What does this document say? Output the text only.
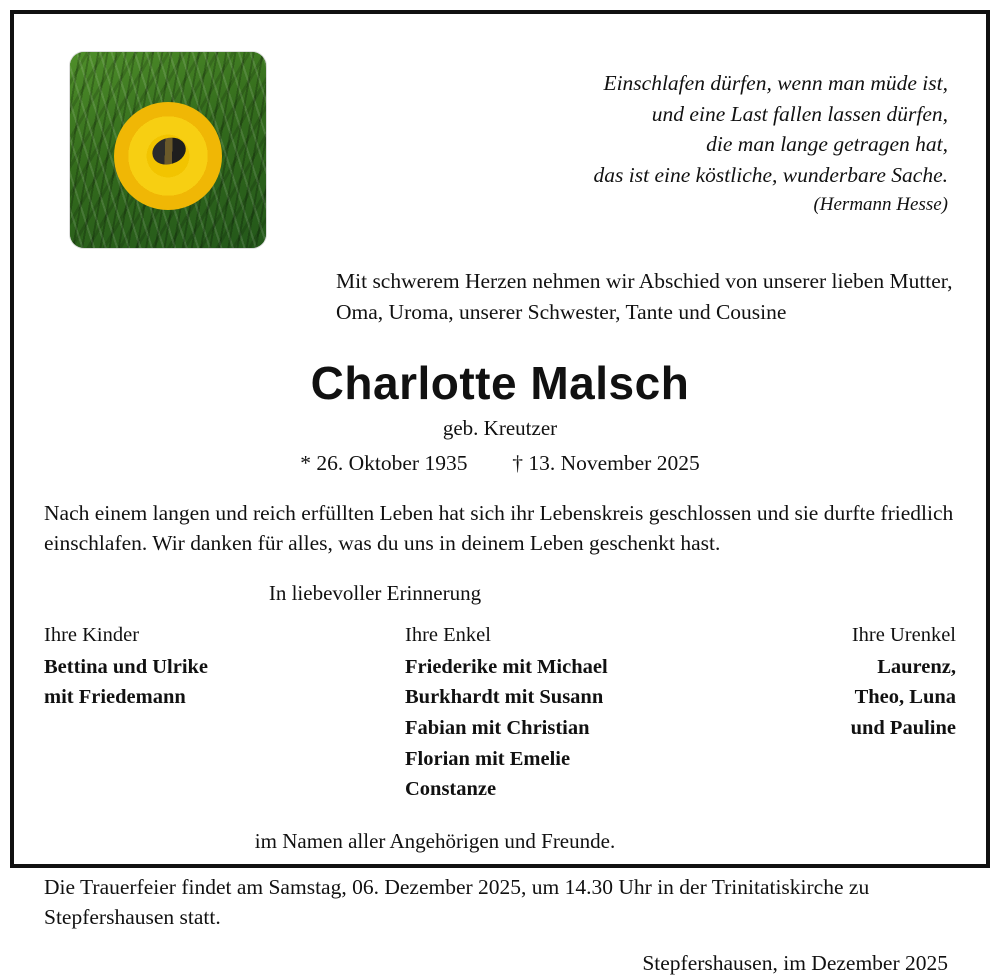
Einschlafen dürfen, wenn man müde ist,
und eine Last fallen lassen dürfen,
die man lange getragen hat,
das ist eine köstliche, wunderbare Sache.
(Hermann Hesse)
Mit schwerem Herzen nehmen wir Abschied von unserer lieben Mutter, Oma, Uroma, unserer Schwester, Tante und Cousine
Charlotte Malsch
geb. Kreutzer
* 26. Oktober 1935 † 13. November 2025
Nach einem langen und reich erfüllten Leben hat sich ihr Lebenskreis geschlossen und sie durfte friedlich einschlafen. Wir danken für alles, was du uns in deinem Leben geschenkt hast.
In liebevoller Erinnerung
Ihre Kinder
Bettina und Ulrike
mit Friedemann
Ihre Enkel
Friederike mit Michael
Burkhardt mit Susann
Fabian mit Christian
Florian mit Emelie
Constanze
Ihre Urenkel
Laurenz,
Theo, Luna
und Pauline
im Namen aller Angehörigen und Freunde.
Die Trauerfeier findet am Samstag, 06. Dezember 2025, um 14.30 Uhr in der Trinitatiskirche zu Stepfershausen statt.
Stepfershausen, im Dezember 2025
